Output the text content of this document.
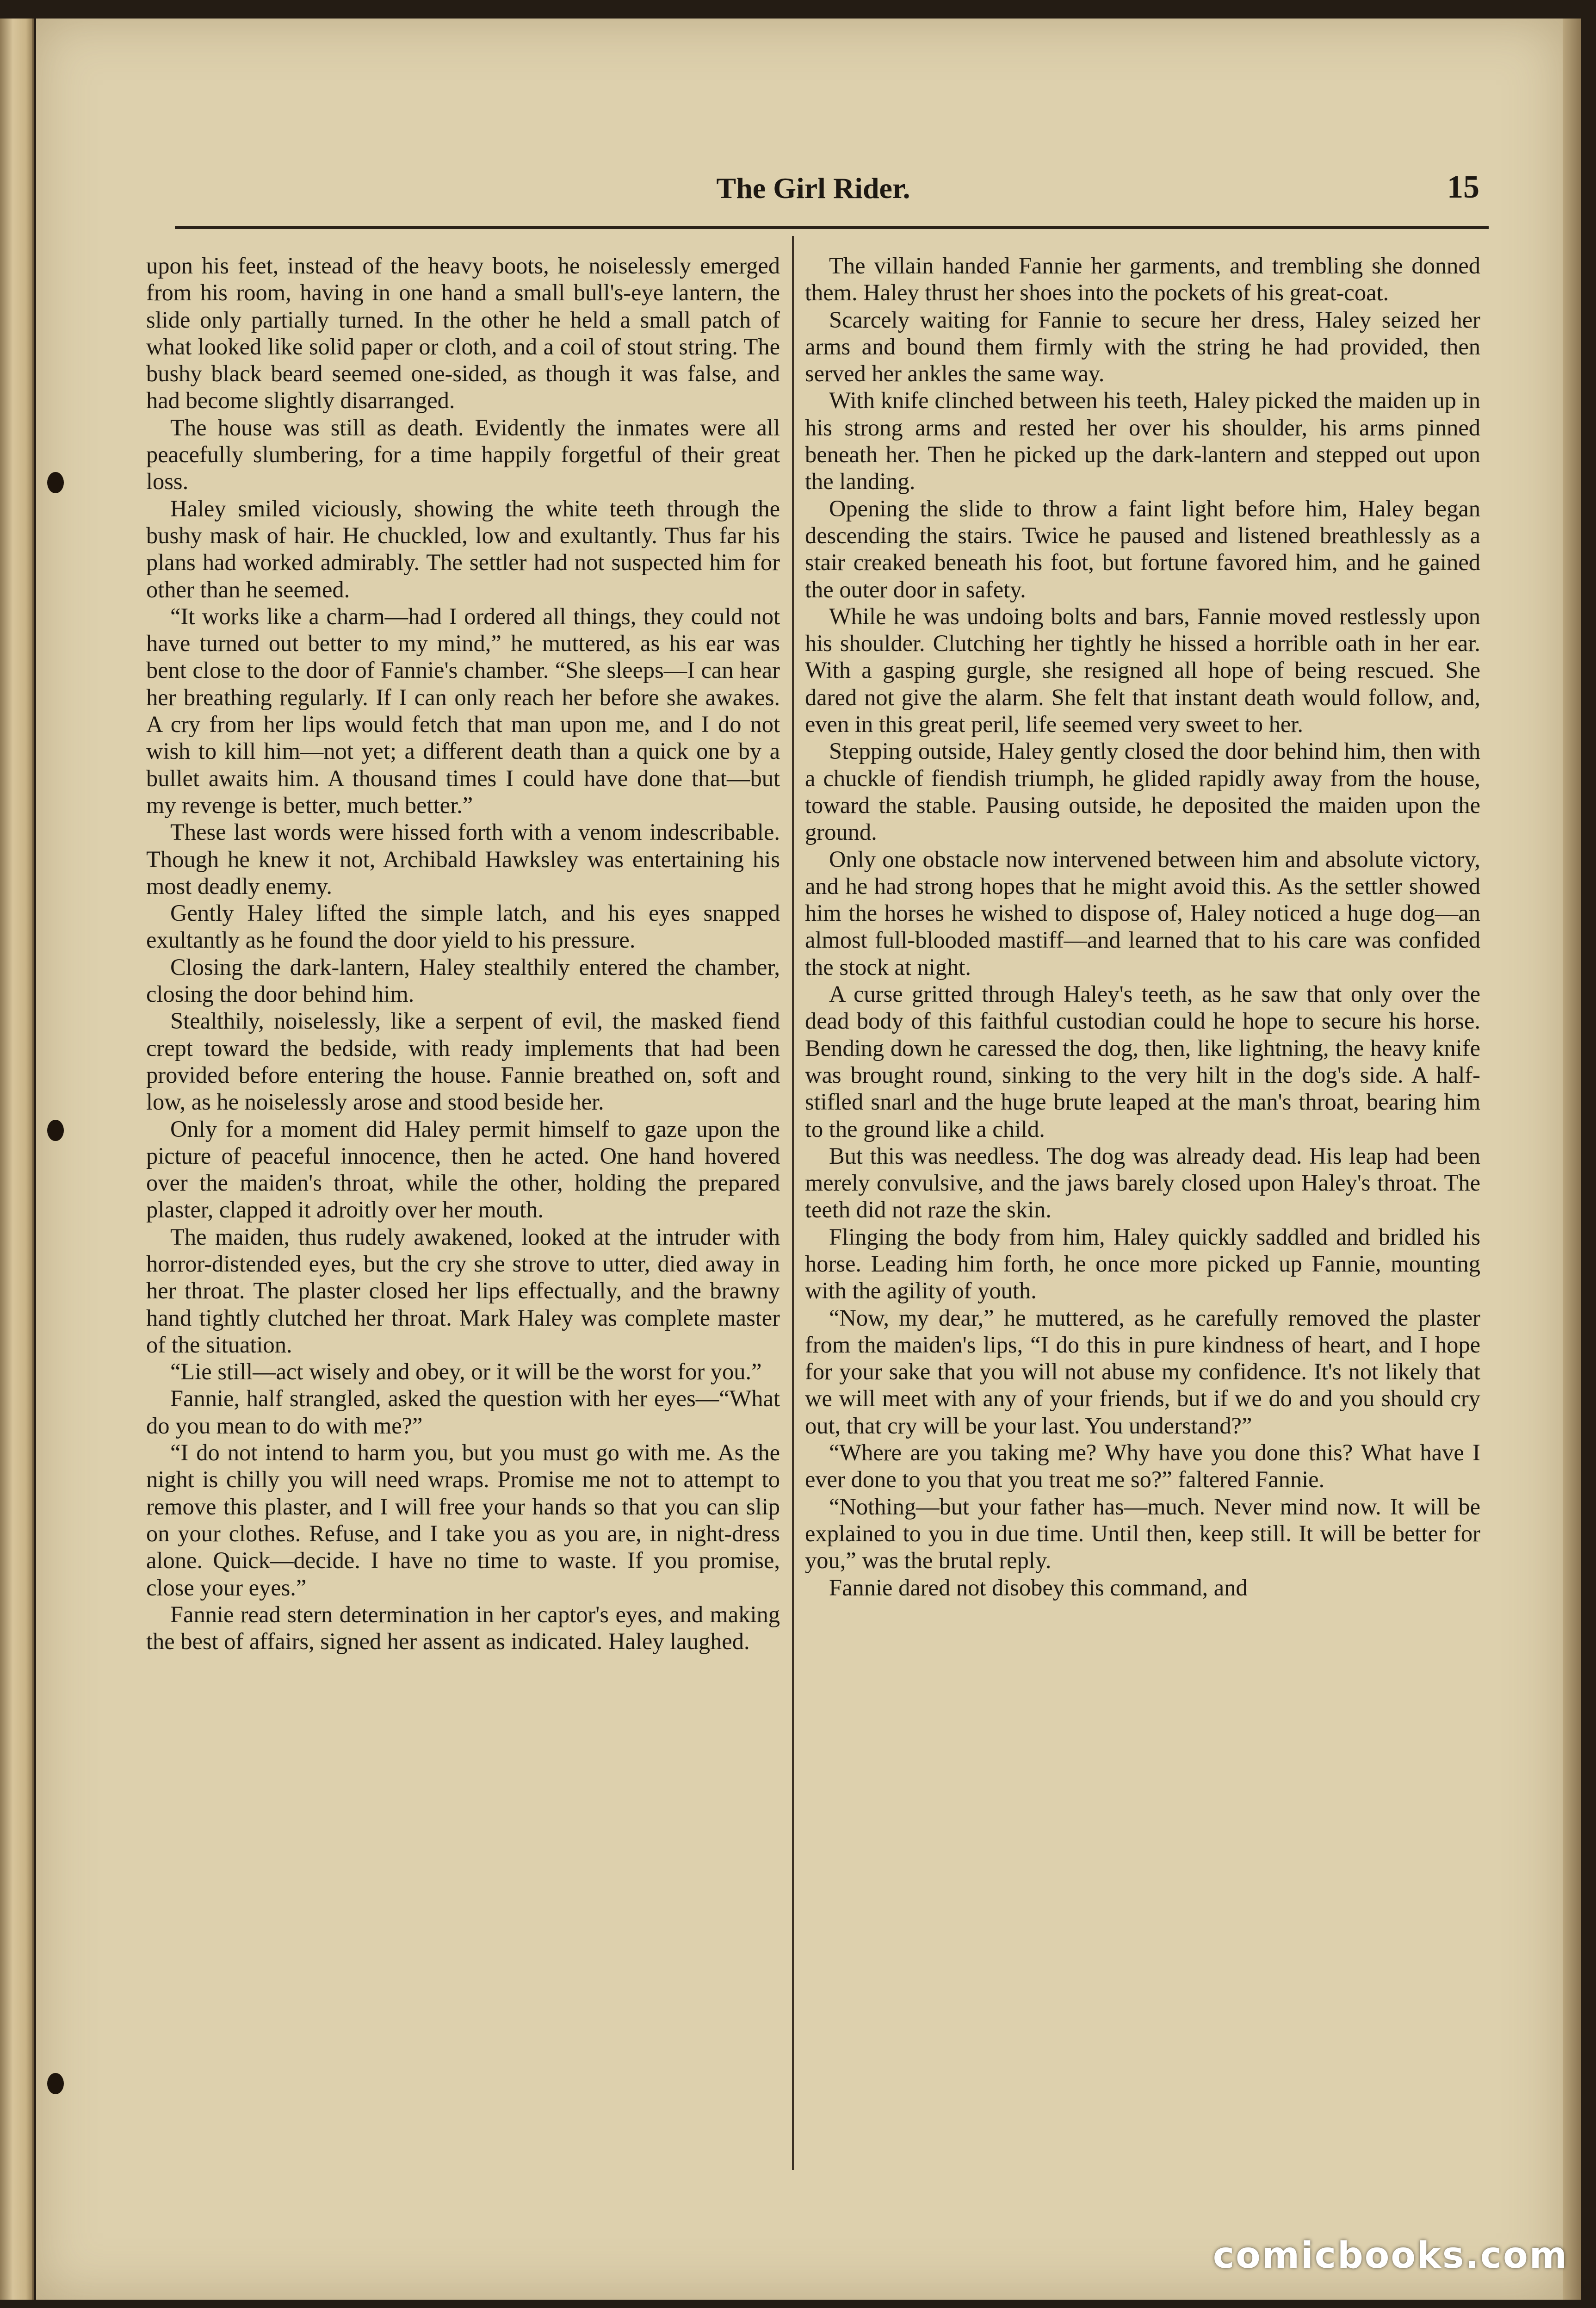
The Girl Rider.	15

upon his feet, instead of the heavy boots, he noiselessly emerged from his room, having in one hand a small bull's-eye lantern, the slide only partially turned. In the other he held a small patch of what looked like solid paper or cloth, and a coil of stout string. The bushy black beard seemed one-sided, as though it was false, and had become slightly disarranged.

The house was still as death. Evidently the inmates were all peacefully slumbering, for a time happily forgetful of their great loss.

Haley smiled viciously, showing the white teeth through the bushy mask of hair. He chuckled, low and exultantly. Thus far his plans had worked admirably. The settler had not suspected him for other than he seemed.

“It works like a charm—had I ordered all things, they could not have turned out better to my mind,” he muttered, as his ear was bent close to the door of Fannie's chamber. “She sleeps—I can hear her breathing regularly. If I can only reach her before she awakes. A cry from her lips would fetch that man upon me, and I do not wish to kill him—not yet; a different death than a quick one by a bullet awaits him. A thousand times I could have done that—but my revenge is better, much better.”

These last words were hissed forth with a venom indescribable. Though he knew it not, Archibald Hawksley was entertaining his most deadly enemy.

Gently Haley lifted the simple latch, and his eyes snapped exultantly as he found the door yield to his pressure.

Closing the dark-lantern, Haley stealthily entered the chamber, closing the door behind him.

Stealthily, noiselessly, like a serpent of evil, the masked fiend crept toward the bedside, with ready implements that had been provided before entering the house. Fannie breathed on, soft and low, as he noiselessly arose and stood beside her.

Only for a moment did Haley permit himself to gaze upon the picture of peaceful innocence, then he acted. One hand hovered over the maiden's throat, while the other, holding the prepared plaster, clapped it adroitly over her mouth.

The maiden, thus rudely awakened, looked at the intruder with horror-distended eyes, but the cry she strove to utter, died away in her throat. The plaster closed her lips effectually, and the brawny hand tightly clutched her throat. Mark Haley was complete master of the situation.

“Lie still—act wisely and obey, or it will be the worst for you.”

Fannie, half strangled, asked the question with her eyes—“What do you mean to do with me?”

“I do not intend to harm you, but you must go with me. As the night is chilly you will need wraps. Promise me not to attempt to remove this plaster, and I will free your hands so that you can slip on your clothes. Refuse, and I take you as you are, in night-dress alone. Quick—decide. I have no time to waste. If you promise, close your eyes.”

Fannie read stern determination in her captor's eyes, and making the best of affairs, signed her assent as indicated. Haley laughed.

The villain handed Fannie her garments, and trembling she donned them. Haley thrust her shoes into the pockets of his great-coat.

Scarcely waiting for Fannie to secure her dress, Haley seized her arms and bound them firmly with the string he had provided, then served her ankles the same way.

With knife clinched between his teeth, Haley picked the maiden up in his strong arms and rested her over his shoulder, his arms pinned beneath her. Then he picked up the dark-lantern and stepped out upon the landing.

Opening the slide to throw a faint light before him, Haley began descending the stairs. Twice he paused and listened breathlessly as a stair creaked beneath his foot, but fortune favored him, and he gained the outer door in safety.

While he was undoing bolts and bars, Fannie moved restlessly upon his shoulder. Clutching her tightly he hissed a horrible oath in her ear. With a gasping gurgle, she resigned all hope of being rescued. She dared not give the alarm. She felt that instant death would follow, and, even in this great peril, life seemed very sweet to her.

Stepping outside, Haley gently closed the door behind him, then with a chuckle of fiendish triumph, he glided rapidly away from the house, toward the stable. Pausing outside, he deposited the maiden upon the ground.

Only one obstacle now intervened between him and absolute victory, and he had strong hopes that he might avoid this. As the settler showed him the horses he wished to dispose of, Haley noticed a huge dog—an almost full-blooded mastiff—and learned that to his care was confided the stock at night.

A curse gritted through Haley's teeth, as he saw that only over the dead body of this faithful custodian could he hope to secure his horse. Bending down he caressed the dog, then, like lightning, the heavy knife was brought round, sinking to the very hilt in the dog's side. A half-stifled snarl and the huge brute leaped at the man's throat, bearing him to the ground like a child.

But this was needless. The dog was already dead. His leap had been merely convulsive, and the jaws barely closed upon Haley's throat. The teeth did not raze the skin.

Flinging the body from him, Haley quickly saddled and bridled his horse. Leading him forth, he once more picked up Fannie, mounting with the agility of youth.

“Now, my dear,” he muttered, as he carefully removed the plaster from the maiden's lips, “I do this in pure kindness of heart, and I hope for your sake that you will not abuse my confidence. It's not likely that we will meet with any of your friends, but if we do and you should cry out, that cry will be your last. You understand?”

“Where are you taking me? Why have you done this? What have I ever done to you that you treat me so?” faltered Fannie.

“Nothing—but your father has—much. Never mind now. It will be explained to you in due time. Until then, keep still. It will be better for you,” was the brutal reply.

Fannie dared not disobey this command, and

comicbooks.com
